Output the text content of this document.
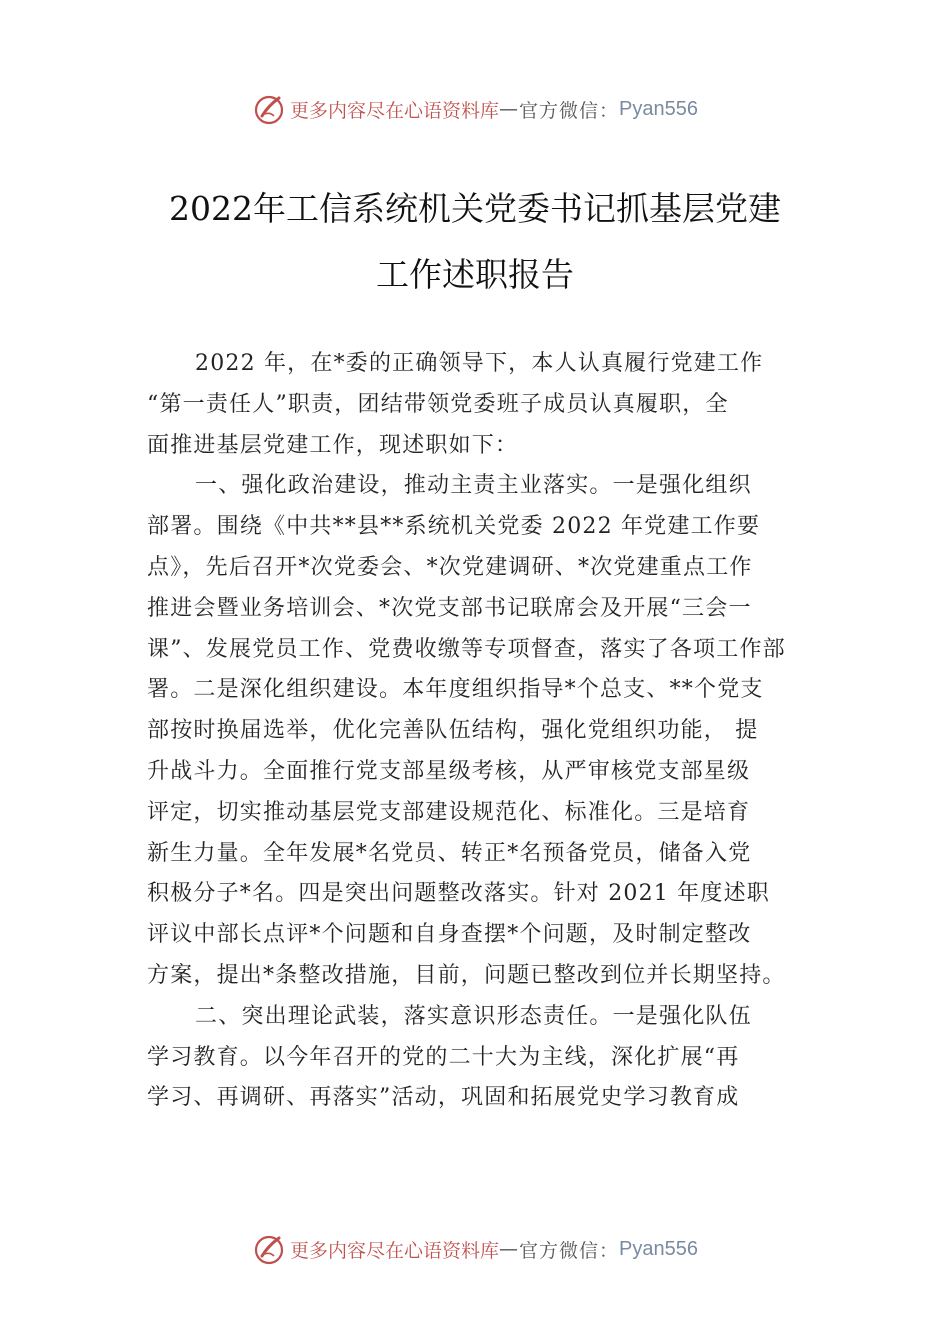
更多内容尽在心语资料库 — 官方微信： Pyan556
2022年工信系统机关党委书记抓基层党建
工作述职报告
2022 年，在*委的正确领导下，本人认真履行党建工作
“第一责任人”职责，团结带领党委班子成员认真履职，全
面推进基层党建工作，现述职如下：
一、强化政治建设，推动主责主业落实。一是强化组织
部署。围绕《中共**县**系统机关党委 2022 年党建工作要
点》，先后召开*次党委会、*次党建调研、*次党建重点工作
推进会暨业务培训会、*次党支部书记联席会及开展“三会一
课”、发展党员工作、党费收缴等专项督查，落实了各项工作部
署。二是深化组织建设。本年度组织指导*个总支、**个党支
部按时换届选举，优化完善队伍结构，强化党组织功能， 提
升战斗力。全面推行党支部星级考核，从严审核党支部星级
评定，切实推动基层党支部建设规范化、标准化。三是培育
新生力量。全年发展*名党员、转正*名预备党员，储备入党
积极分子*名。四是突出问题整改落实。针对 2021 年度述职
评议中部长点评*个问题和自身查摆*个问题，及时制定整改
方案，提出*条整改措施，目前，问题已整改到位并长期坚持。
二、突出理论武装，落实意识形态责任。一是强化队伍
学习教育。以今年召开的党的二十大为主线，深化扩展“再
学习、再调研、再落实”活动，巩固和拓展党史学习教育成
更多内容尽在心语资料库 — 官方微信： Pyan556
